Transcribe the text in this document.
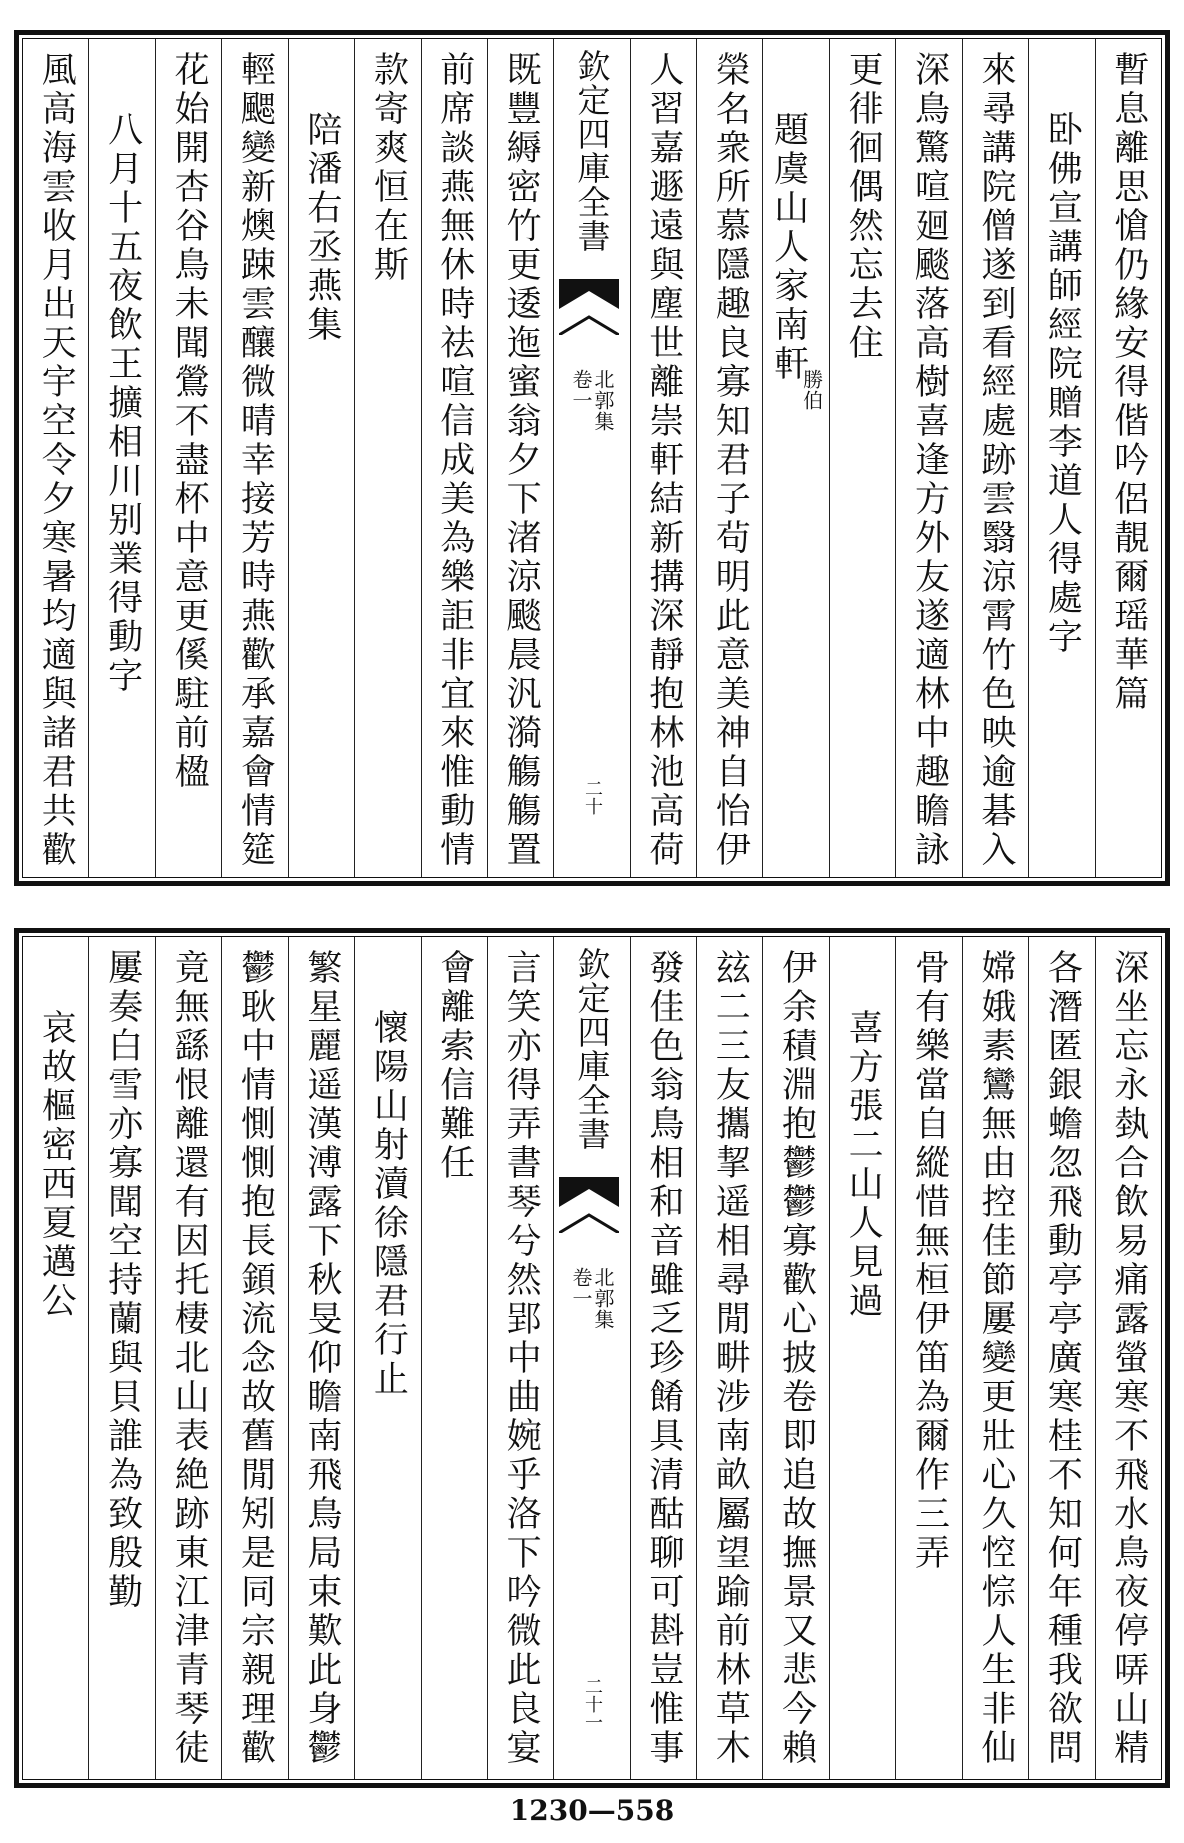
暫息離思愴仍緣安得偕吟侶靚爾瑶華篇
卧佛宣講師經院贈李道人得處字
來尋講院僧遂到看經處跡雲翳涼霄竹色映逾碁入
深鳥驚喧廻颷落高樹喜逢方外友遂適林中趣瞻詠
更徘徊偶然忘去住
題虞山人家南軒
勝伯
榮名衆所慕隱趣良寡知君子茍明此意美神自怡伊
人習嘉遯遠與塵世離崇軒結新搆深靜抱林池高荷
欽定四庫全書
北郭集
卷一
二十
既豐縟密竹更逶迤蜜翁夕下渚涼颷晨汎漪觴觴置
前席談燕無休時祛喧信成美為樂詎非宜來惟動情
款寄爽恒在斯
陪潘右丞燕集
輕颸變新燠踈雲釀微晴幸接芳時燕歡承嘉會情筵
花始開杏谷鳥未聞鶯不盡杯中意更傒駐前楹
八月十五夜飲王擴相川别業得動字
風高海雲收月出天宇空令夕寒暑均適與諸君共歡
深坐忘永埶合飲易痛露螢寒不飛水鳥夜停哢山精
各潛匿銀蟾忽飛動亭亭廣寒桂不知何年種我欲問
嫦娥素鸞無由控佳節屢變更壯心久悾悰人生非仙
骨有樂當自縱惜無桓伊笛為爾作三弄
喜方張二山人見過
伊余積淵抱鬱鬱寡歡心披卷即追故撫景又悲今賴
玆二三友攜挈遥相尋閒畊涉南畝屬望踰前林草木
發佳色翁鳥相和音雖乏珍餚具清酤聊可斟豈惟事
欽定四庫全書
北郭集
卷一
二十一
言笑亦得弄書琴兮然郢中曲婉乎洛下吟微此良宴
會離索信難任
懷陽山射瀆徐隱君行止
繁星麗遥漢溥露下秋旻仰瞻南飛鳥局束歎此身鬱
鬱耿中情惻惻抱長顉流念故舊閒矧是同宗親理歡
竟無繇恨離還有因托棲北山表絶跡東江津青琴徒
屢奏白雪亦寡聞空持蘭與貝誰為致殷勤
哀故樞密西夏邁公
1230—558
